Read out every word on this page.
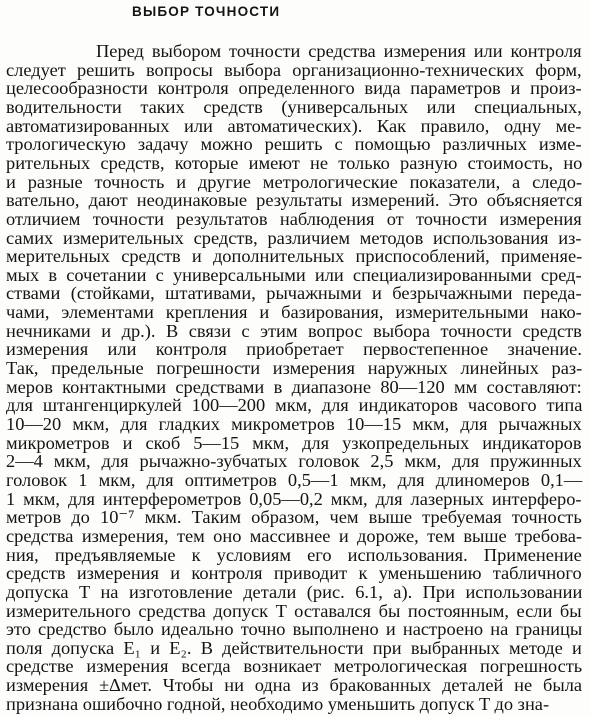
ВЫБОР ТОЧНОСТИ
Перед выбором точности средства измерения или контроля
следует решить вопросы выбора организационно-технических форм,
целесообразности контроля определенного вида параметров и произ-
водительности таких средств (универсальных или специальных,
автоматизированных или автоматических). Как правило, одну ме-
трологическую задачу можно решить с помощью различных изме-
рительных средств, которые имеют не только разную стоимость, но
и разные точность и другие метрологические показатели, а следо-
вательно, дают неодинаковые результаты измерений. Это объясняется
отличием точности результатов наблюдения от точности измерения
самих измерительных средств, различием методов использования из-
мерительных средств и дополнительных приспособлений, применяе-
мых в сочетании с универсальными или специализированными сред-
ствами (стойками, штативами, рычажными и безрычажными переда-
чами, элементами крепления и базирования, измерительными нако-
нечниками и др.). В связи с этим вопрос выбора точности средств
измерения или контроля приобретает первостепенное значение.
Так, предельные погрешности измерения наружных линейных раз-
меров контактными средствами в диапазоне 80—120 мм составляют:
для штангенциркулей 100—200 мкм, для индикаторов часового типа
10—20 мкм, для гладких микрометров 10—15 мкм, для рычажных
микрометров и скоб 5—15 мкм, для узкопредельных индикаторов
2—4 мкм, для рычажно-зубчатых головок 2,5 мкм, для пружинных
головок 1 мкм, для оптиметров 0,5—1 мкм, для длиномеров 0,1—
1 мкм, для интерферометров 0,05—0,2 мкм, для лазерных интерферо-
метров до 10⁻⁷ мкм. Таким образом, чем выше требуемая точность
средства измерения, тем оно массивнее и дороже, тем выше требова-
ния, предъявляемые к условиям его использования. Применение
средств измерения и контроля приводит к уменьшению табличного
допуска T на изготовление детали (рис. 6.1, a). При использовании
измерительного средства допуск T оставался бы постоянным, если бы
это средство было идеально точно выполнено и настроено на границы
поля допуска E₁ и E₂. В действительности при выбранных методе и
средстве измерения всегда возникает метрологическая погрешность
измерения ±Δмет. Чтобы ни одна из бракованных деталей не была
признана ошибочно годной, необходимо уменьшить допуск T до зна-
